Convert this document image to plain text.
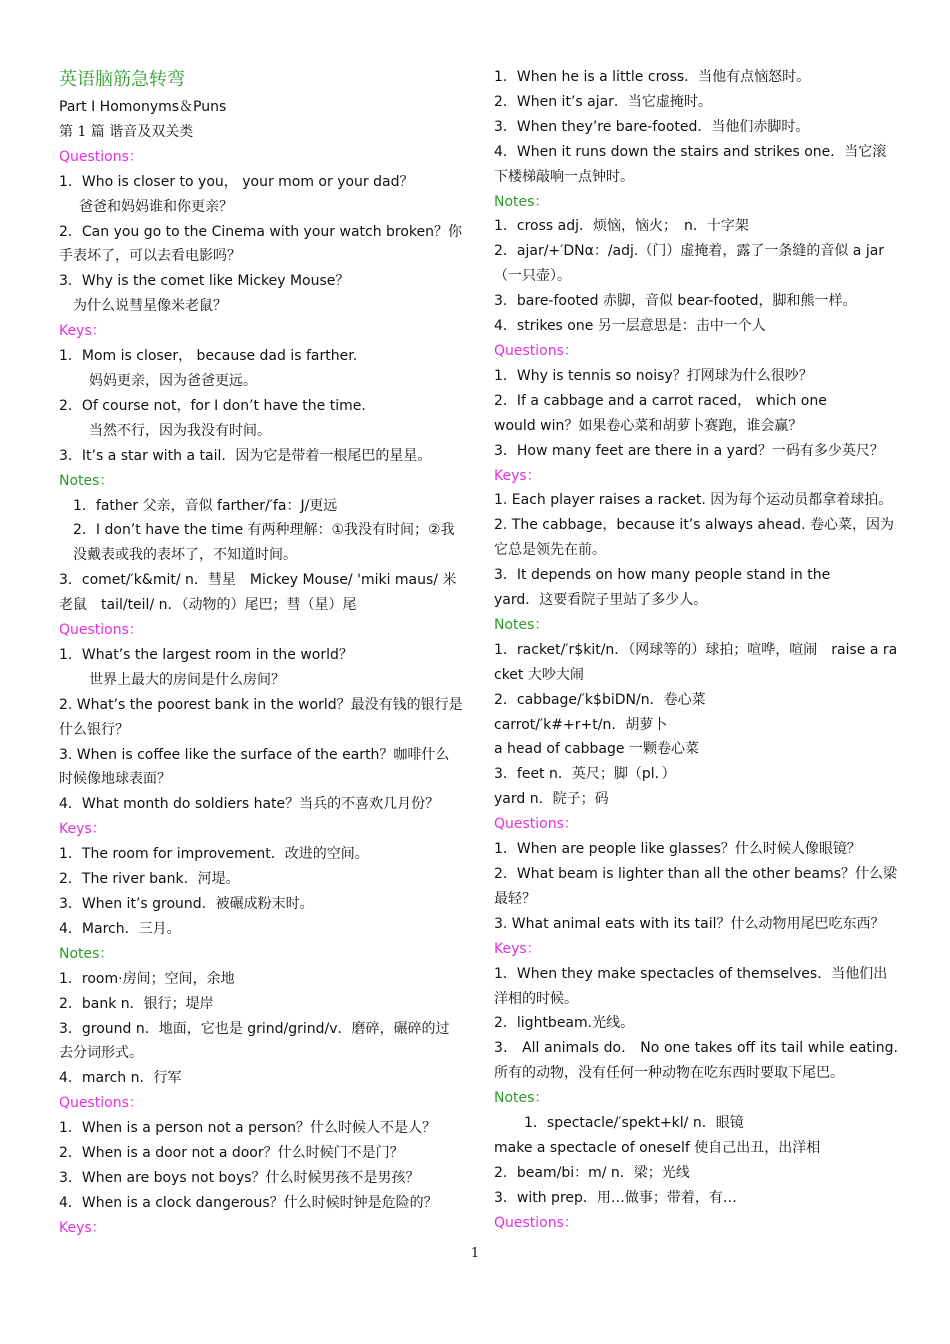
英语脑筋急转弯
Part I Homonyms＆Puns
第 1 篇 谐音及双关类
Questions：
1．Who is closer to you， your mom or your dad？
爸爸和妈妈谁和你更亲？
2．Can you go to the Cinema with your watch broken？你手表坏了，可以去看电影吗？
3．Why is the comet like Mickey Mouse？
为什么说彗星像米老鼠？
Keys：
1．Mom is closer， because dad is farther.
妈妈更亲，因为爸爸更远。
2．Of course not，for I don’t have the time.
当然不行，因为我没有时间。
3．It’s a star with a tail．因为它是带着一根尾巴的星星。
Notes：
1．father 父亲，音似 farther/′fa：J/更远
2．I don’t have the time 有两种理解：①我没有时间；②我没戴表或我的表坏了，不知道时间。
3．comet/′k&mit/ n．彗星　Mickey Mouse/ 'miki maus/ 米老鼠　tail/teil/ n．（动物的）尾巴；彗（星）尾
Questions：
1．What’s the largest room in the world？
世界上最大的房间是什么房间？
2. What’s the poorest bank in the world？最没有钱的银行是什么银行？
3. When is coffee like the surface of the earth？咖啡什么时候像地球表面？
4．What month do soldiers hate？当兵的不喜欢几月份？
Keys：
1．The room for improvement．改进的空间。
2．The river bank．河堤。
3．When it’s ground．被碾成粉末时。
4．March．三月。
Notes：
1．room·房间；空间，余地
2．bank n．银行；堤岸
3．ground n．地面，它也是 grind/grind/v．磨碎，碾碎的过去分词形式。
4．march n．行军
Questions：
1．When is a person not a person？什么时候人不是人？
2．When is a door not a door？什么时候门不是门？
3．When are boys not boys？什么时候男孩不是男孩？
4．When is a clock dangerous？什么时候时钟是危险的？
Keys：
1．When he is a little cross．当他有点恼怒时。
2．When it’s ajar．当它虚掩时。
3．When they’re bare-footed．当他们赤脚时。
4．When it runs down the stairs and strikes one．当它滚下楼梯敲响一点钟时。
Notes：
1．cross adj．烦恼，恼火；　n．十字架
2．ajar/+′DNα：/adj.（门）虚掩着，露了一条缝的音似 a jar（一只壶）。
3．bare-footed 赤脚，音似 bear-footed，脚和熊一样。
4．strikes one 另一层意思是：击中一个人
Questions：
1．Why is tennis so noisy？打网球为什么很吵？
2．If a cabbage and a carrot raced， which one
would win？如果卷心菜和胡萝卜赛跑，谁会赢？
3．How many feet are there in a yard？一码有多少英尺？
Keys：
1. Each player raises a racket. 因为每个运动员都拿着球拍。
2. The cabbage，because it’s always ahead. 卷心菜，因为它总是领先在前。
3．It depends on how many people stand in the
yard．这要看院子里站了多少人。
Notes：
1．racket/′r$kit/n．（网球等的）球拍；喧哗，喧闹　raise a racket 大吵大闹
2．cabbage/′k$biDN/n．卷心菜
carrot/′k#+r+t/n．胡萝卜
a head of cabbage 一颗卷心菜
3．feet n．英尺；脚（pl．）
yard n．院子；码
Questions：
1．When are people like glasses？什么时候人像眼镜？
2．What beam is lighter than all the other beams？什么梁最轻？
3. What animal eats with its tail？什么动物用尾巴吃东西？
Keys：
1．When they make spectacles of themselves．当他们出洋相的时候。
2．lightbeam.光线。
3． All animals do． No one takes off its tail while eating. 所有的动物，没有任何一种动物在吃东西时要取下尾巴。
Notes：
1．spectacle/′spekt+kl/ n．眼镜
make a spectacle of oneself 使自己出丑，出洋相
2．beam/bi：m/ n．梁；光线
3．with prep．用…做事；带着，有…
Questions：
1
